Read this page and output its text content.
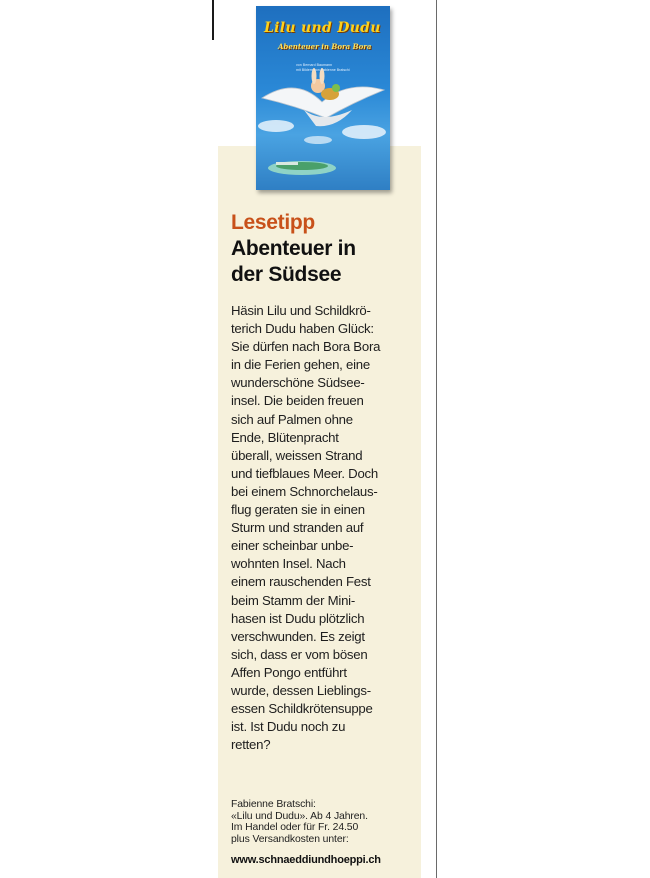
Lilu und Dudu
Abenteuer in Bora Bora
von Bernard Baumann
mit Bildern von Fabienne Bratschi
Lesetipp
Abenteuer in
der Südsee
Häsin Lilu und Schildkrö-
terich Dudu haben Glück:
Sie dürfen nach Bora Bora
in die Ferien gehen, eine
wunderschöne Südsee-
insel. Die beiden freuen
sich auf Palmen ohne
Ende, Blütenpracht
überall, weissen Strand
und tiefblaues Meer. Doch
bei einem Schnorchelaus-
flug geraten sie in einen
Sturm und stranden auf
einer scheinbar unbe-
wohnten Insel. Nach
einem rauschenden Fest
beim Stamm der Mini-
hasen ist Dudu plötzlich
verschwunden. Es zeigt
sich, dass er vom bösen
Affen Pongo entführt
wurde, dessen Lieblings-
essen Schildkrötensuppe
ist. Ist Dudu noch zu
retten?
Fabienne Bratschi:
«Lilu und Dudu». Ab 4 Jahren.
Im Handel oder für Fr. 24.50
plus Versandkosten unter:
www.schnaeddiundhoeppi.ch
